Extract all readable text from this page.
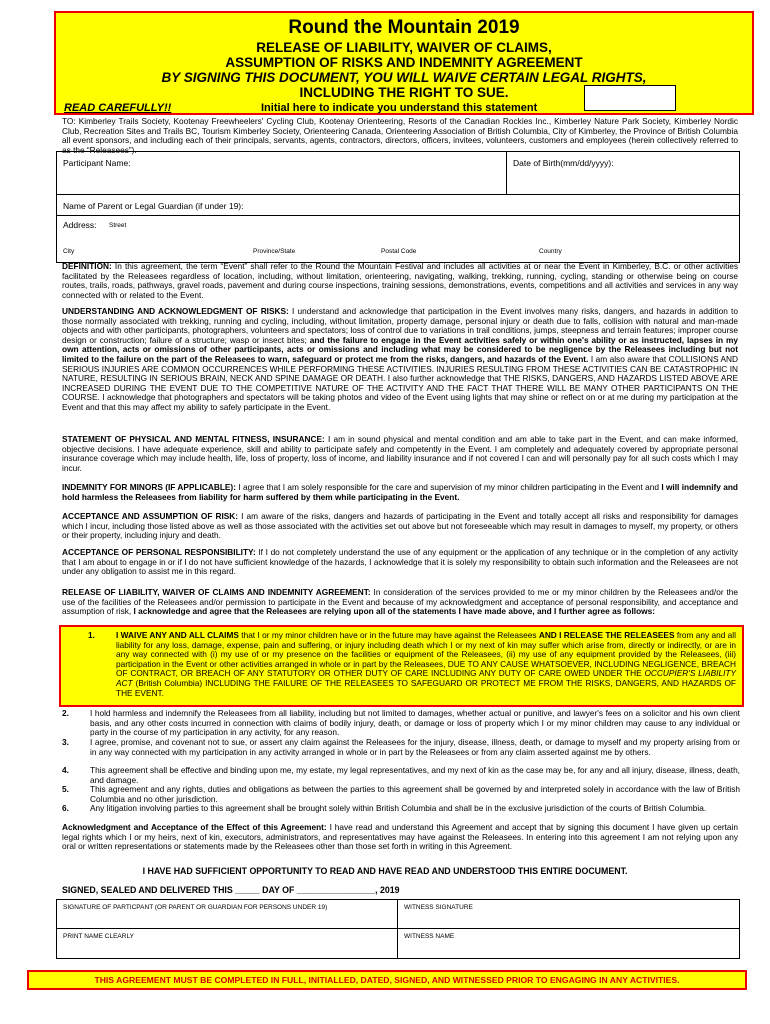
Round the Mountain 2019
RELEASE OF LIABILITY, WAIVER OF CLAIMS,
ASSUMPTION OF RISKS AND INDEMNITY AGREEMENT
BY SIGNING THIS DOCUMENT, YOU WILL WAIVE CERTAIN LEGAL RIGHTS,
INCLUDING THE RIGHT TO SUE.
READ CAREFULLY!!	Initial here to indicate you understand this statement
TO: Kimberley Trails Society, Kootenay Freewheelers' Cycling Club, Kootenay Orienteering, Resorts of the Canadian Rockies Inc., Kimberley Nature Park Society, Kimberley Nordic Club, Recreation Sites and Trails BC, Tourism Kimberley Society, Orienteering Canada, Orienteering Association of British Columbia, City of Kimberley, the Province of British Columbia all event sponsors, and including each of their principals, servants, agents, contractors, directors, officers, invitees, volunteers, customers and employees (herein collectively referred to as the “Releasees”).
Participant Name:	Date of Birth(mm/dd/yyyy):
Name of Parent or Legal Guardian (if under 19):
Address: Street
City	Province/State	Postal Code	Country
DEFINITION: In this agreement, the term “Event” shall refer to the Round the Mountain Festival and includes all activities at or near the Event in Kimberley, B.C. or other activities facilitated by the Releasees regardless of location, including, without limitation, orienteering, navigating, walking, trekking, running, cycling, standing or otherwise being on course routes, trails, roads, pathways, gravel roads, pavement and during course inspections, training sessions, demonstrations, events, competitions and all activities and services in any way connected with or related to the Event.
UNDERSTANDING AND ACKNOWLEDGMENT OF RISKS: I understand and acknowledge that participation in the Event involves many risks, dangers, and hazards in addition to those normally associated with trekking, running and cycling, including, without limitation, property damage, personal injury or death due to falls, collision with natural and man-made objects and with other participants, photographers, volunteers and spectators; loss of control due to variations in trail conditions, jumps, steepness and terrain features; improper course design or construction; failure of a structure; wasp or insect bites; and the failure to engage in the Event activities safely or within one's ability or as instructed, lapses in my own attention, acts or omissions of other participants, acts or omissions and including what may be considered to be negligence by the Releasees including but not limited to the failure on the part of the Releasees to warn, safeguard or protect me from the risks, dangers, and hazards of the Event. I am also aware that COLLISIONS AND SERIOUS INJURIES ARE COMMON OCCURRENCES WHILE PERFORMING THESE ACTIVITIES. INJURIES RESULTING FROM THESE ACTIVITIES CAN BE CATASTROPHIC IN NATURE, RESULTING IN SERIOUS BRAIN, NECK AND SPINE DAMAGE OR DEATH. I also further acknowledge that THE RISKS, DANGERS, AND HAZARDS LISTED ABOVE ARE INCREASED DURING THE EVENT DUE TO THE COMPETITIVE NATURE OF THE ACTIVITY AND THE FACT THAT THERE WILL BE MANY OTHER PARTICIPANTS ON THE COURSE. I acknowledge that photographers and spectators will be taking photos and video of the Event using lights that may shine or reflect on or at me during my participation at the Event and that this may affect my ability to safely participate in the Event.
STATEMENT OF PHYSICAL AND MENTAL FITNESS, INSURANCE: I am in sound physical and mental condition and am able to take part in the Event, and can make informed, objective decisions. I have adequate experience, skill and ability to participate safely and competently in the Event. I am completely and adequately covered by appropriate personal insurance coverage which may include health, life, loss of property, loss of income, and liability insurance and if not covered I can and will personally pay for all such costs which I may incur.
INDEMNITY FOR MINORS (IF APPLICABLE): I agree that I am solely responsible for the care and supervision of my minor children participating in the Event and I will indemnify and hold harmless the Releasees from liability for harm suffered by them while participating in the Event.
ACCEPTANCE AND ASSUMPTION OF RISK: I am aware of the risks, dangers and hazards of participating in the Event and totally accept all risks and responsibility for damages which I incur, including those listed above as well as those associated with the activities set out above but not foreseeable which may result in damages to myself, my property, or others or their property, including injury and death.
ACCEPTANCE OF PERSONAL RESPONSIBILITY: If I do not completely understand the use of any equipment or the application of any technique or in the completion of any activity that I am about to engage in or if I do not have sufficient knowledge of the hazards, I acknowledge that it is solely my responsibility to obtain such information and the Releasees are not under any obligation to assist me in this regard.
RELEASE OF LIABILITY, WAIVER OF CLAIMS AND INDEMNITY AGREEMENT: In consideration of the services provided to me or my minor children by the Releasees and/or the use of the facilities of the Releasees and/or permission to participate in the Event and because of my acknowledgment and acceptance of personal responsibility, and acceptance and assumption of risk, I acknowledge and agree that the Releasees are relying upon all of the statements I have made above, and I further agree as follows:
1.	I WAIVE ANY AND ALL CLAIMS that I or my minor children have or in the future may have against the Releasees AND I RELEASE THE RELEASEES from any and all liability for any loss, damage, expense, pain and suffering, or injury including death which I or my next of kin may suffer which arise from, directly or indirectly, or are in any way connected with (i) my use of or my presence on the facilities or equipment of the Releasees, (ii) my use of any equipment provided by the Releasees, (iii) participation in the Event or other activities arranged in whole or in part by the Releasees, DUE TO ANY CAUSE WHATSOEVER, INCLUDING NEGLIGENCE, BREACH OF CONTRACT, OR BREACH OF ANY STATUTORY OR OTHER DUTY OF CARE INCLUDING ANY DUTY OF CARE OWED UNDER THE OCCUPIER'S LIABILITY ACT (British Columbia) INCLUDING THE FAILURE OF THE RELEASEES TO SAFEGUARD OR PROTECT ME FROM THE RISKS, DANGERS, AND HAZARDS OF THE EVENT.
2.	I hold harmless and indemnify the Releasees from all liability, including but not limited to damages, whether actual or punitive, and lawyer's fees on a solicitor and his own client basis, and any other costs incurred in connection with claims of bodily injury, death, or damage or loss of property which I or my minor children may cause to any individual or party in the course of my participation in any activity, for any reason.
3.	I agree, promise, and covenant not to sue, or assert any claim against the Releasees for the injury, disease, illness, death, or damage to myself and my property arising from or in any way connected with my participation in any activity arranged in whole or in part by the Releasees or from any claim asserted against me by others.
4.	This agreement shall be effective and binding upon me, my estate, my legal representatives, and my next of kin as the case may be, for any and all injury, disease, illness, death, and damage.
5.	This agreement and any rights, duties and obligations as between the parties to this agreement shall be governed by and interpreted solely in accordance with the law of British Columbia and no other jurisdiction.
6.	Any litigation involving parties to this agreement shall be brought solely within British Columbia and shall be in the exclusive jurisdiction of the courts of British Columbia.
Acknowledgment and Acceptance of the Effect of this Agreement: I have read and understand this Agreement and accept that by signing this document I have given up certain legal rights which I or my heirs, next of kin, executors, administrators, and representatives may have against the Releasees. In entering into this agreement I am not relying upon any oral or written representations or statements made by the Releasees other than those set forth in writing in this Agreement.
I HAVE HAD SUFFICIENT OPPORTUNITY TO READ AND HAVE READ AND UNDERSTOOD THIS ENTIRE DOCUMENT.
SIGNED, SEALED AND DELIVERED THIS _____ DAY OF ________________, 2019
SIGNATURE OF PARTICPANT (OR PARENT OR GUARDIAN FOR PERSONS UNDER 19)	WITNESS SIGNATURE
PRINT NAME CLEARLY	WITNESS NAME
THIS AGREEMENT MUST BE COMPLETED IN FULL, INITIALLED, DATED, SIGNED, AND WITNESSED PRIOR TO ENGAGING IN ANY ACTIVITIES.
